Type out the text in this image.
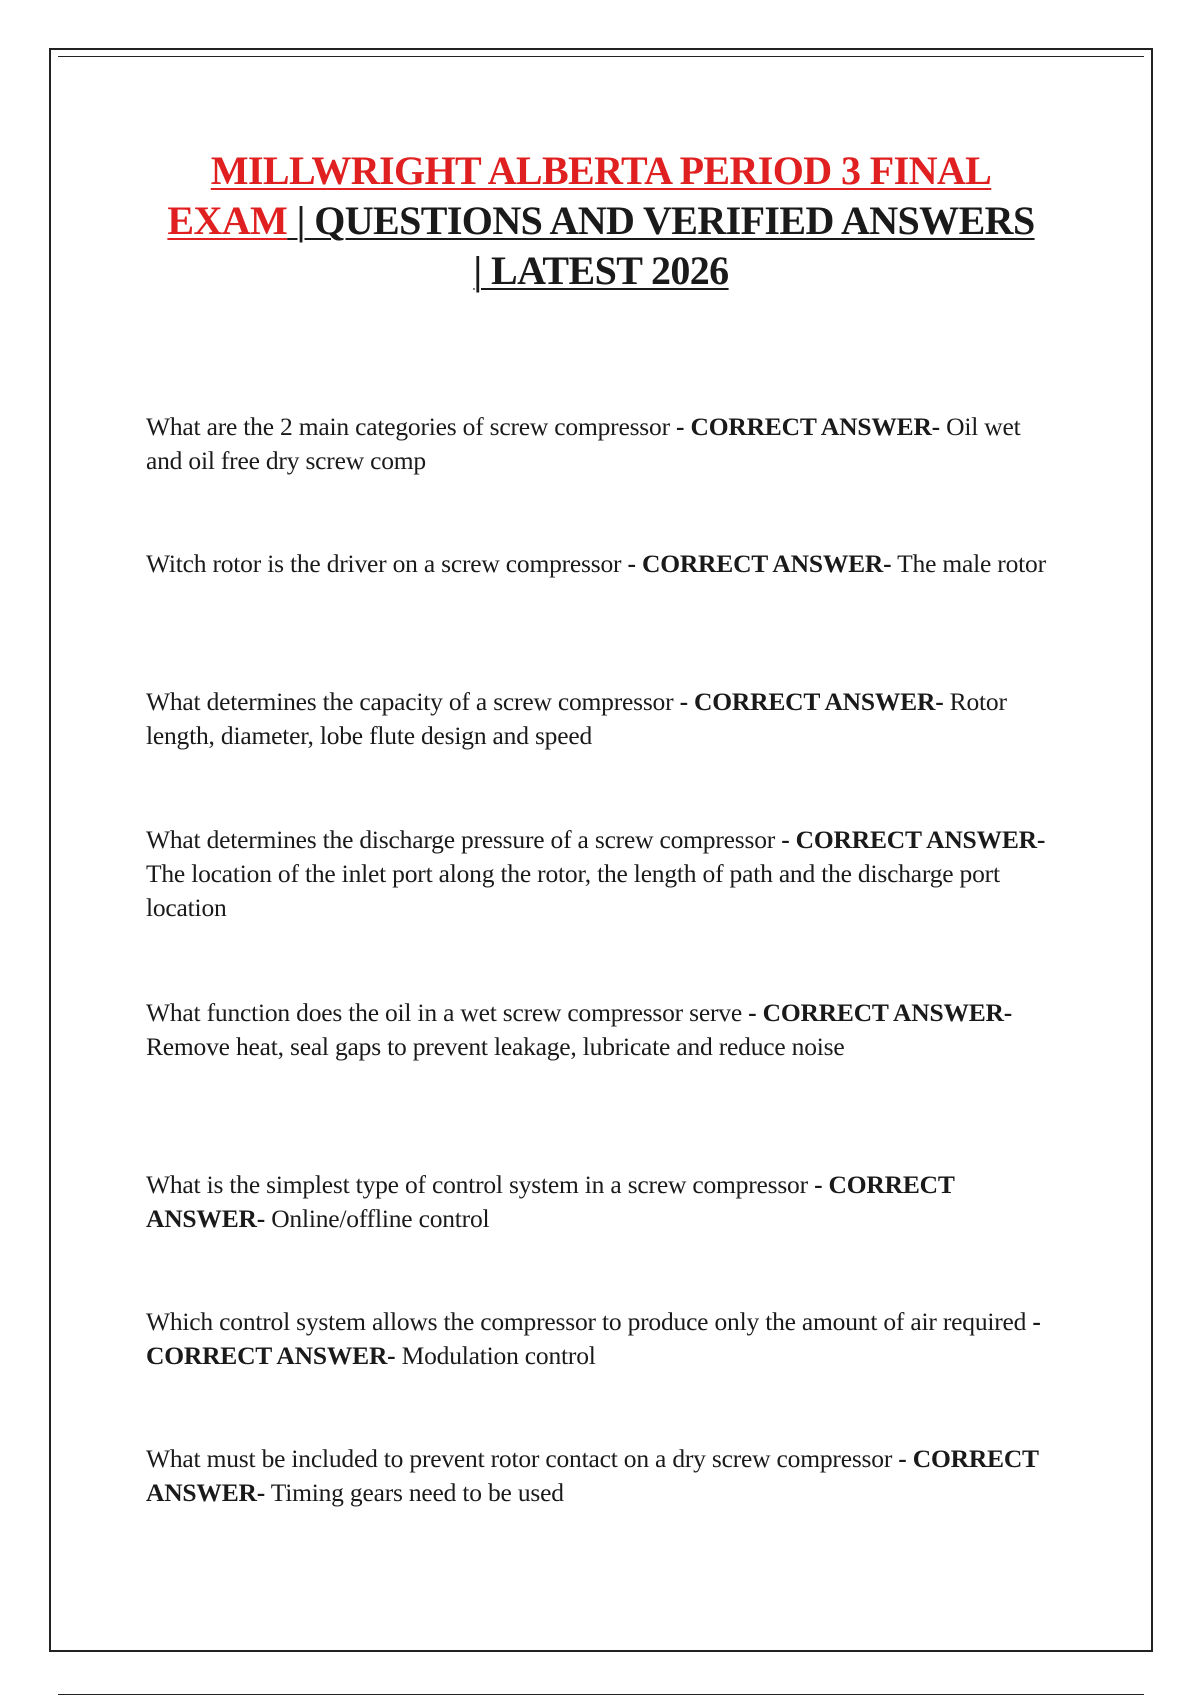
MILLWRIGHT ALBERTA PERIOD 3 FINAL
EXAM | QUESTIONS AND VERIFIED ANSWERS
| LATEST 2026

What are the 2 main categories of screw compressor - CORRECT ANSWER- Oil wet and oil free dry screw comp

Witch rotor is the driver on a screw compressor - CORRECT ANSWER- The male rotor

What determines the capacity of a screw compressor - CORRECT ANSWER- Rotor length, diameter, lobe flute design and speed

What determines the discharge pressure of a screw compressor - CORRECT ANSWER- The location of the inlet port along the rotor, the length of path and the discharge port location

What function does the oil in a wet screw compressor serve - CORRECT ANSWER- Remove heat, seal gaps to prevent leakage, lubricate and reduce noise

What is the simplest type of control system in a screw compressor - CORRECT ANSWER- Online/offline control

Which control system allows the compressor to produce only the amount of air required - CORRECT ANSWER- Modulation control

What must be included to prevent rotor contact on a dry screw compressor - CORRECT ANSWER- Timing gears need to be used
